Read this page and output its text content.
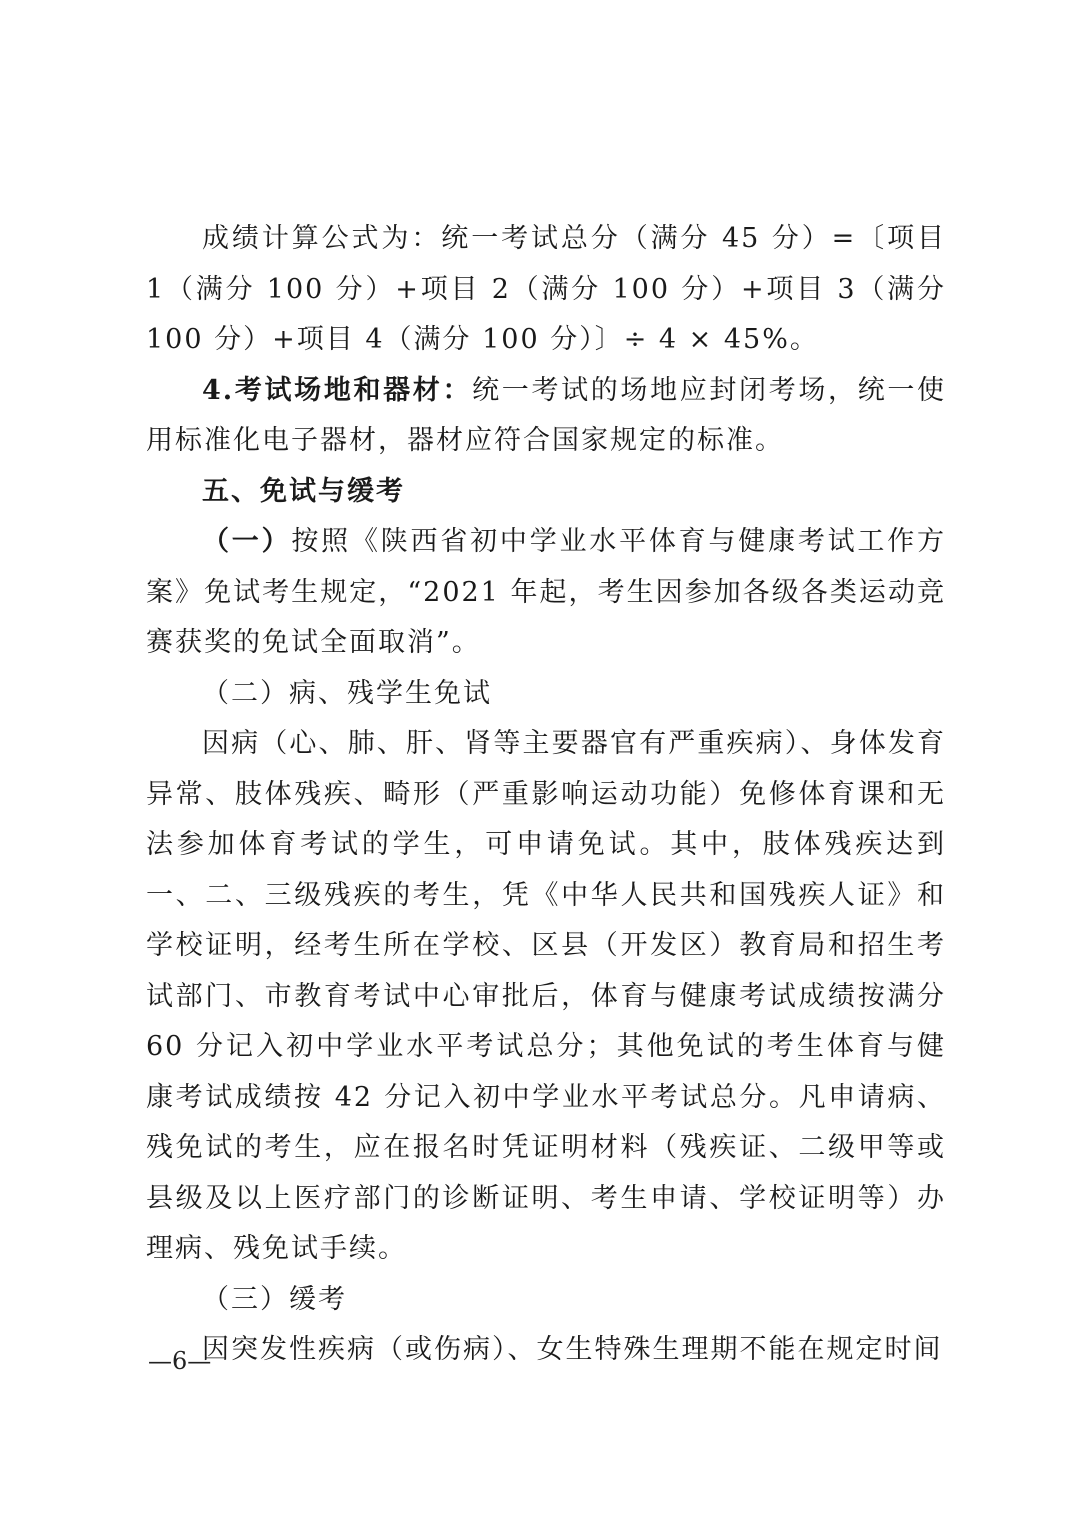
成绩计算公式为：统一考试总分（满分 45 分）=〔项目 1（满分 100 分）+项目 2（满分 100 分）+项目 3（满分 100 分）+项目 4（满分 100 分）〕÷ 4 × 45%。

4.考试场地和器材：统一考试的场地应封闭考场，统一使用标准化电子器材，器材应符合国家规定的标准。

五、免试与缓考

（一）按照《陕西省初中学业水平体育与健康考试工作方案》免试考生规定，“2021 年起，考生因参加各级各类运动竞赛获奖的免试全面取消”。

（二）病、残学生免试

因病（心、肺、肝、肾等主要器官有严重疾病）、身体发育异常、肢体残疾、畸形（严重影响运动功能）免修体育课和无法参加体育考试的学生，可申请免试。其中，肢体残疾达到一、二、三级残疾的考生，凭《中华人民共和国残疾人证》和学校证明，经考生所在学校、区县（开发区）教育局和招生考试部门、市教育考试中心审批后，体育与健康考试成绩按满分 60 分记入初中学业水平考试总分；其他免试的考生体育与健康考试成绩按 42 分记入初中学业水平考试总分。凡申请病、残免试的考生，应在报名时凭证明材料（残疾证、二级甲等或县级及以上医疗部门的诊断证明、考生申请、学校证明等）办理病、残免试手续。

（三）缓考

因突发性疾病（或伤病）、女生特殊生理期不能在规定时间

—6—
